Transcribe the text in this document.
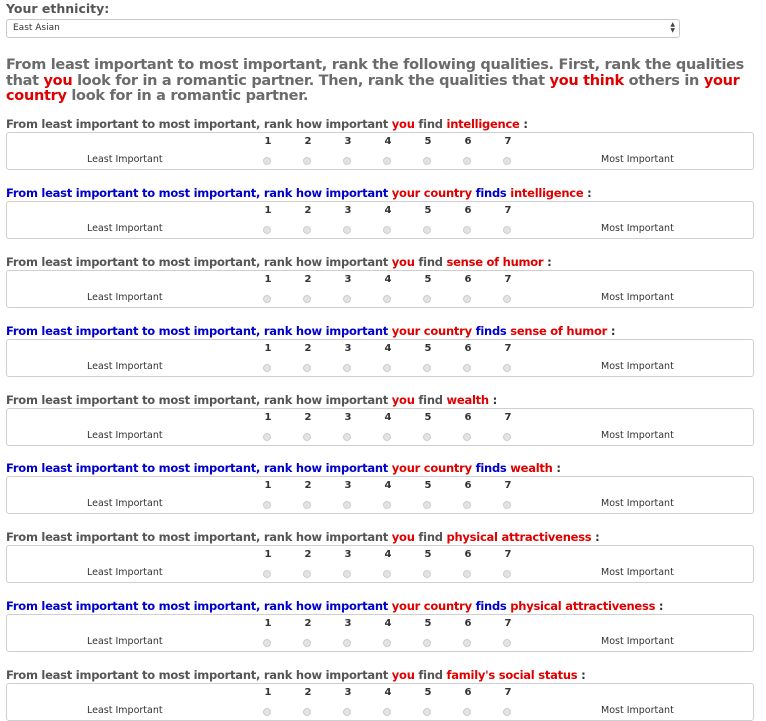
Your ethnicity:
East Asian	▲
▼
From least important to most important, rank the following qualities. First, rank the qualities that you look for in a romantic partner. Then, rank the qualities that you think others in your country look for in a romantic partner.
From least important to most important, rank how important you find intelligence :
Least Important
1	2	3	4	5	6	7
Most Important
From least important to most important, rank how important your country finds intelligence :
Least Important
1	2	3	4	5	6	7
Most Important
From least important to most important, rank how important you find sense of humor :
Least Important
1	2	3	4	5	6	7
Most Important
From least important to most important, rank how important your country finds sense of humor :
Least Important
1	2	3	4	5	6	7
Most Important
From least important to most important, rank how important you find wealth :
Least Important
1	2	3	4	5	6	7
Most Important
From least important to most important, rank how important your country finds wealth :
Least Important
1	2	3	4	5	6	7
Most Important
From least important to most important, rank how important you find physical attractiveness :
Least Important
1	2	3	4	5	6	7
Most Important
From least important to most important, rank how important your country finds physical attractiveness :
Least Important
1	2	3	4	5	6	7
Most Important
From least important to most important, rank how important you find family's social status :
Least Important
1	2	3	4	5	6	7
Most Important
